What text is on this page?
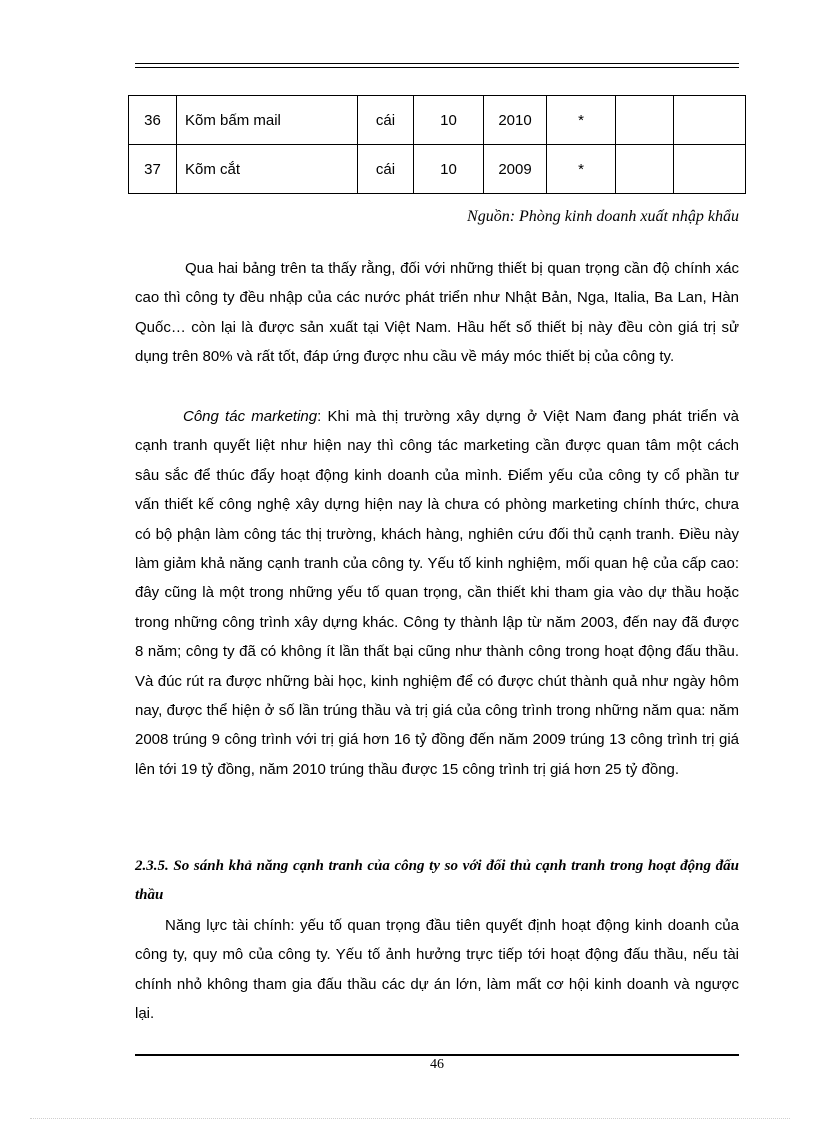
36	Kõm bấm mail	cái	10	2010	*		
37	Kõm cắt	cái	10	2009	*		
Nguồn: Phòng kinh doanh xuất nhập khẩu

Qua hai bảng trên ta thấy rằng, đối với những thiết bị quan trọng cần độ chính xác cao thì công ty đều nhập của các nước phát triển như Nhật Bản, Nga, Italia, Ba Lan, Hàn Quốc… còn lại là được sản xuất tại Việt Nam. Hầu hết số thiết bị này đều còn giá trị sử dụng trên 80% và rất tốt, đáp ứng được nhu cầu về máy móc thiết bị của công ty.

Công tác marketing: Khi mà thị trường xây dựng ở Việt Nam đang phát triển và cạnh tranh quyết liệt như hiện nay thì công tác marketing cần được quan tâm một cách sâu sắc để thúc đẩy hoạt động kinh doanh của mình. Điểm yếu của công ty cổ phần tư vấn thiết kế công nghệ xây dựng hiện nay là chưa có phòng marketing chính thức, chưa có bộ phận làm công tác thị trường, khách hàng, nghiên cứu đối thủ cạnh tranh. Điều này làm giảm khả năng cạnh tranh của công ty. Yếu tố kinh nghiệm, mối quan hệ của cấp cao: đây cũng là một trong những yếu tố quan trọng, cần thiết khi tham gia vào dự thầu hoặc trong những công trình xây dựng khác. Công ty thành lập từ năm 2003, đến nay đã được 8 năm; công ty đã có không ít lần thất bại cũng như thành công trong hoạt động đấu thầu. Và đúc rút ra được những bài học, kinh nghiệm để có được chút thành quả như ngày hôm nay, được thể hiện ở số lần trúng thầu và trị giá của công trình trong những năm qua: năm 2008 trúng 9 công trình với trị giá hơn 16 tỷ đồng đến năm 2009 trúng 13 công trình trị giá lên tới 19 tỷ đồng, năm 2010 trúng thầu được 15 công trình trị giá hơn 25 tỷ đồng.

2.3.5. So sánh khả năng cạnh tranh của công ty so với đối thủ cạnh tranh trong hoạt động đấu thầu

Năng lực tài chính: yếu tố quan trọng đầu tiên quyết định hoạt động kinh doanh của công ty, quy mô của công ty. Yếu tố ảnh hưởng trực tiếp tới hoạt động đấu thầu, nếu tài chính nhỏ không tham gia đấu thầu các dự án lớn, làm mất cơ hội kinh doanh và ngược lại.

46
